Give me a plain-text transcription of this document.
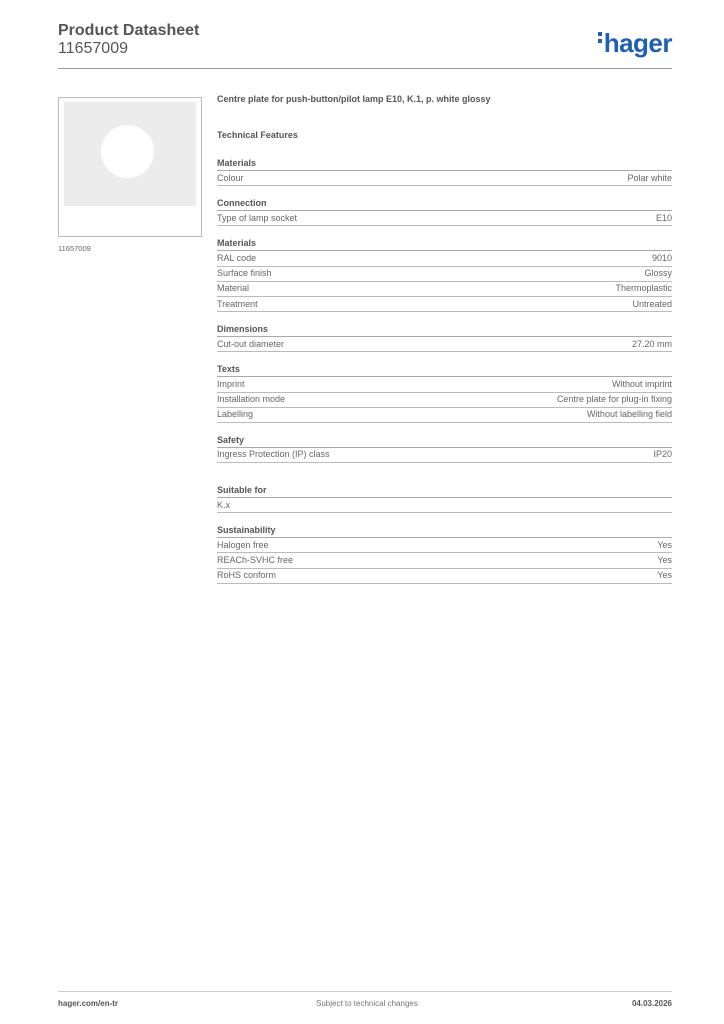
Product Datasheet
11657009	hager
11657009
Centre plate for push-button/pilot lamp E10, K.1, p. white glossy
Technical Features
Materials
Colour	Polar white
Connection
Type of lamp socket	E10
Materials
RAL code	9010
Surface finish	Glossy
Material	Thermoplastic
Treatment	Untreated
Dimensions
Cut-out diameter	27.20 mm
Texts
Imprint	Without imprint
Installation mode	Centre plate for plug-in fixing
Labelling	Without labelling field
Safety
Ingress Protection (IP) class	IP20
Suitable for
K.x
Sustainability
Halogen free	Yes
REACh-SVHC free	Yes
RoHS conform	Yes
hager.com/en-tr	Subject to technical changes	04.03.2026
